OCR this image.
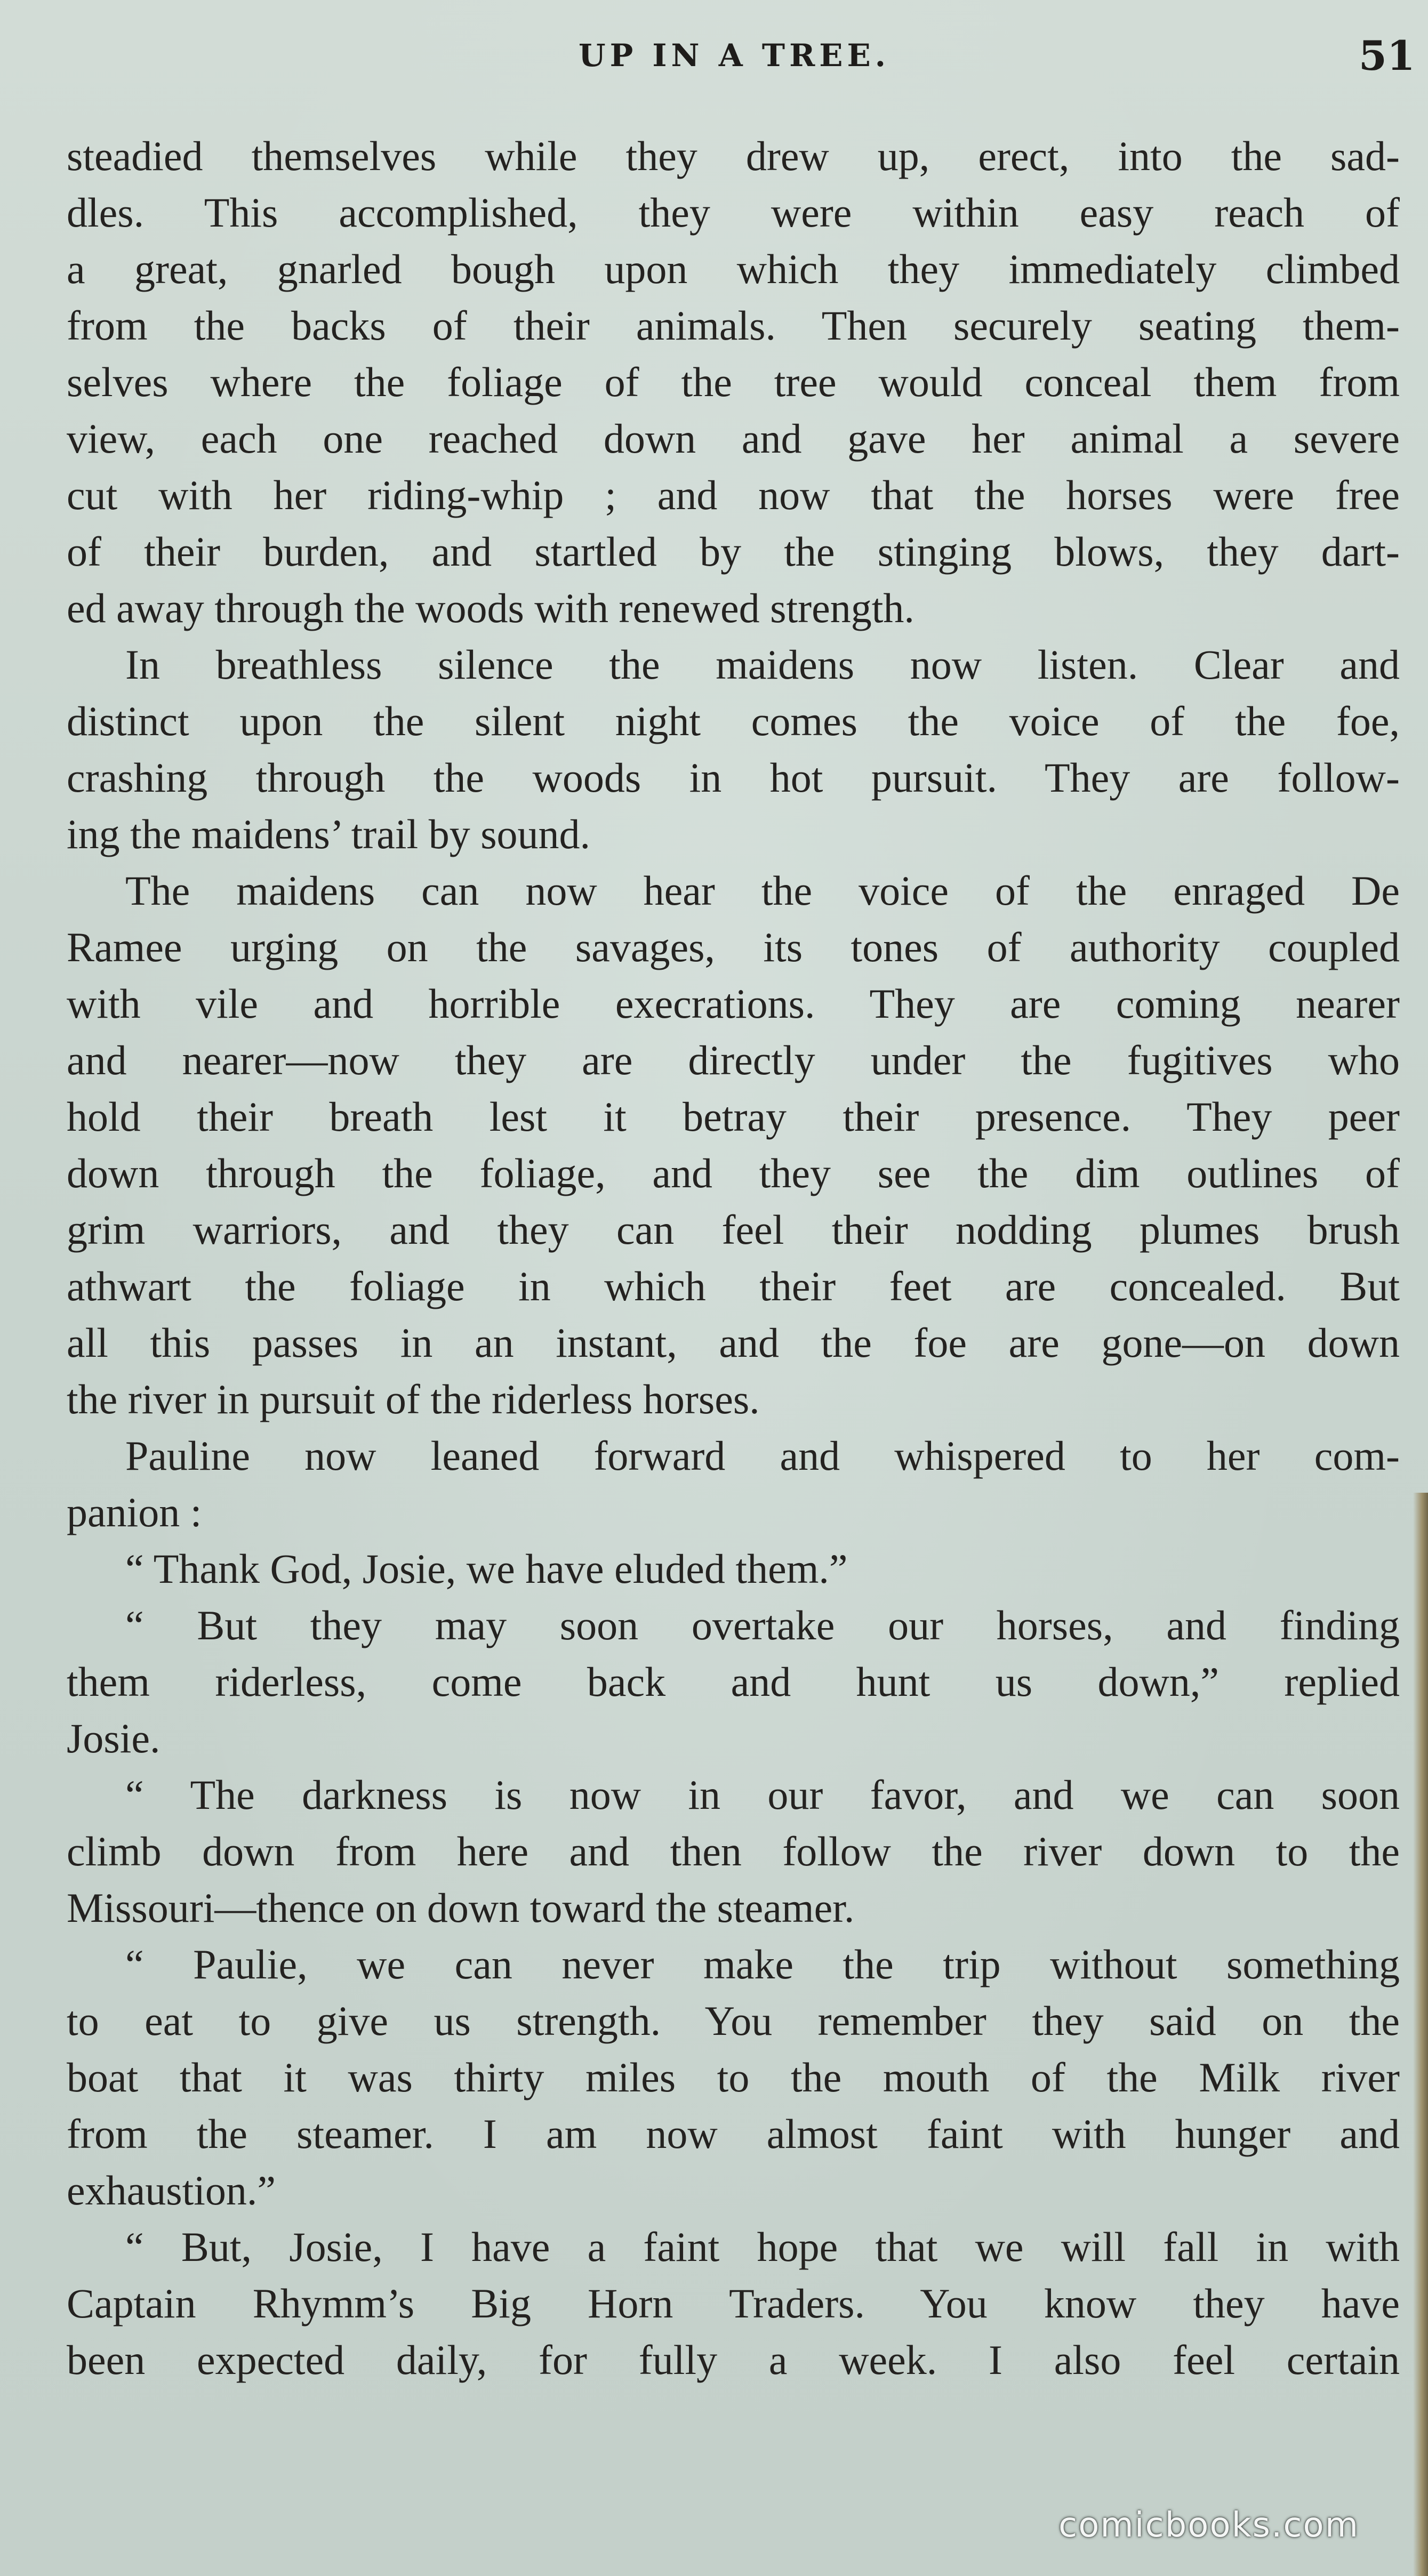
UP IN A TREE.	51
steadied themselves while they drew up, erect, into the sad-
dles. This accomplished, they were within easy reach of
a great, gnarled bough upon which they immediately climbed
from the backs of their animals. Then securely seating them-
selves where the foliage of the tree would conceal them from
view, each one reached down and gave her animal a severe
cut with her riding-whip ; and now that the horses were free
of their burden, and startled by the stinging blows, they dart-
ed away through the woods with renewed strength.
In breathless silence the maidens now listen. Clear and
distinct upon the silent night comes the voice of the foe,
crashing through the woods in hot pursuit. They are follow-
ing the maidens’ trail by sound.
The maidens can now hear the voice of the enraged De
Ramee urging on the savages, its tones of authority coupled
with vile and horrible execrations. They are coming nearer
and nearer—now they are directly under the fugitives who
hold their breath lest it betray their presence. They peer
down through the foliage, and they see the dim outlines of
grim warriors, and they can feel their nodding plumes brush
athwart the foliage in which their feet are concealed. But
all this passes in an instant, and the foe are gone—on down
the river in pursuit of the riderless horses.
Pauline now leaned forward and whispered to her com-
panion :
“ Thank God, Josie, we have eluded them.”
“ But they may soon overtake our horses, and finding
them riderless, come back and hunt us down,” replied
Josie.
“ The darkness is now in our favor, and we can soon
climb down from here and then follow the river down to the
Missouri—thence on down toward the steamer.
“ Paulie, we can never make the trip without something
to eat to give us strength. You remember they said on the
boat that it was thirty miles to the mouth of the Milk river
from the steamer. I am now almost faint with hunger and
exhaustion.”
“ But, Josie, I have a faint hope that we will fall in with
Captain Rhymm’s Big Horn Traders. You know they have
been expected daily, for fully a week. I also feel certain
comicbooks.com
